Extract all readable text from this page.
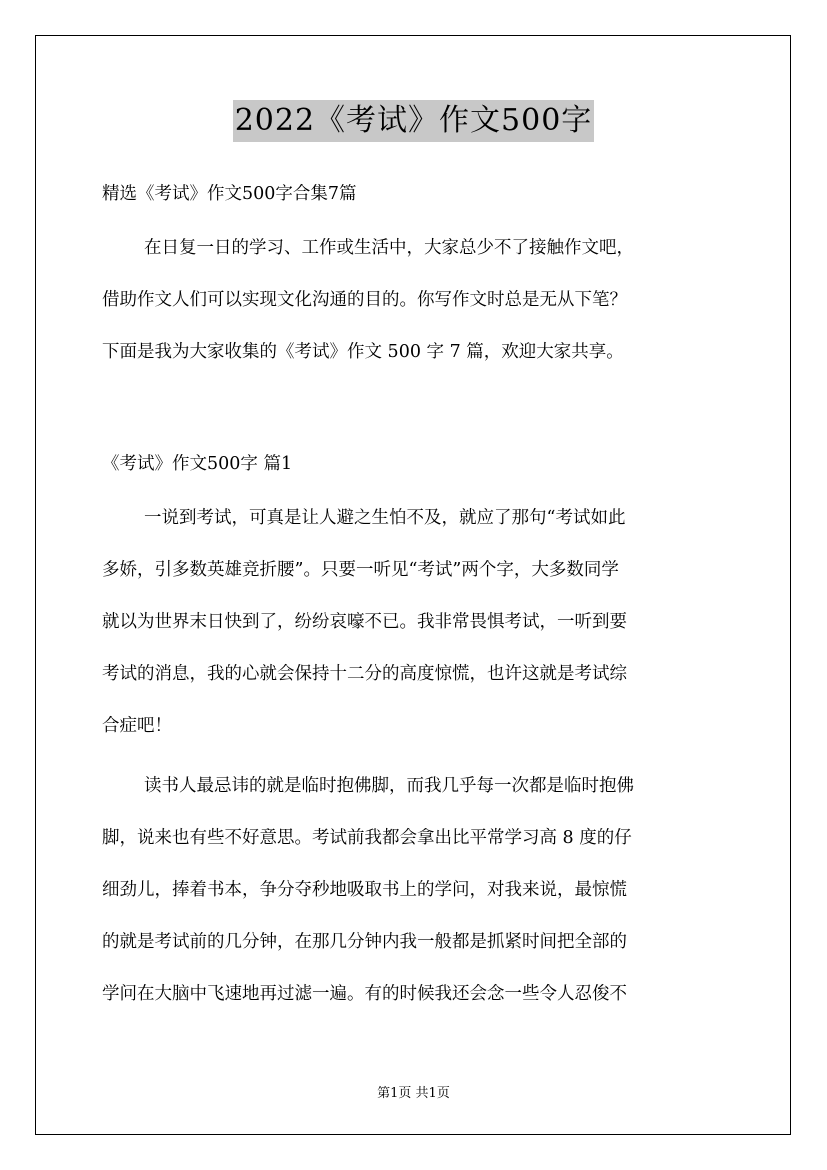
2022《考试》作文500字
精选《考试》作文500字合集7篇
在日复一日的学习、工作或生活中，大家总少不了接触作文吧，
借助作文人们可以实现文化沟通的目的。你写作文时总是无从下笔？
下面是我为大家收集的《考试》作文 500 字 7 篇，欢迎大家共享。
《考试》作文500字 篇1
一说到考试，可真是让人避之生怕不及，就应了那句“考试如此
多娇，引多数英雄竞折腰”。只要一听见“考试”两个字，大多数同学
就以为世界末日快到了，纷纷哀嚎不已。我非常畏惧考试，一听到要
考试的消息，我的心就会保持十二分的高度惊慌，也许这就是考试综
合症吧！
读书人最忌讳的就是临时抱佛脚，而我几乎每一次都是临时抱佛
脚，说来也有些不好意思。考试前我都会拿出比平常学习高 8 度的仔
细劲儿，捧着书本，争分夺秒地吸取书上的学问，对我来说，最惊慌
的就是考试前的几分钟，在那几分钟内我一般都是抓紧时间把全部的
学问在大脑中飞速地再过滤一遍。有的时候我还会念一些令人忍俊不
第1页 共1页
